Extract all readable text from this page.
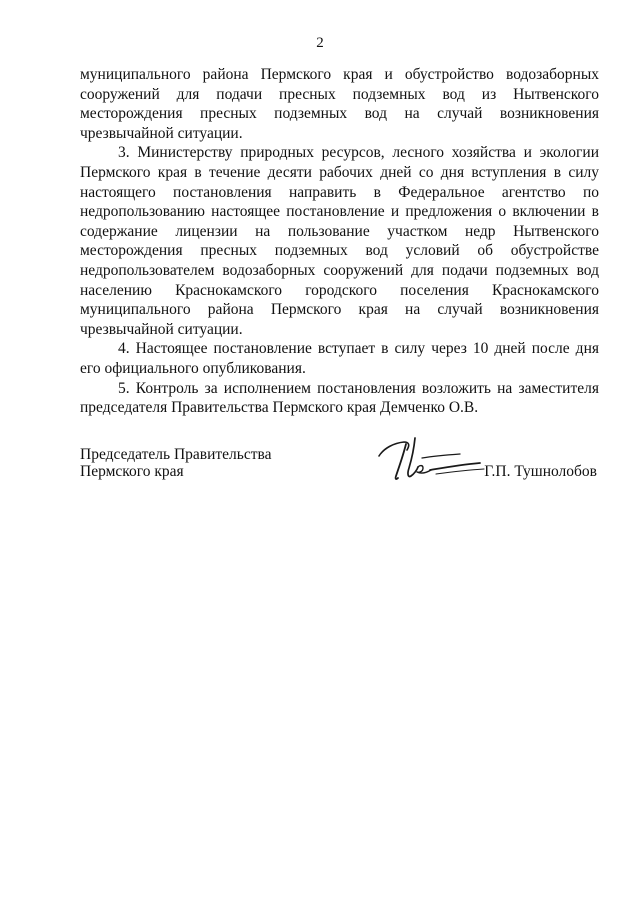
2

муниципального района Пермского края и обустройство водозаборных сооружений для подачи пресных подземных вод из Нытвенского месторождения пресных подземных вод на случай возникновения чрезвычайной ситуации.

3. Министерству природных ресурсов, лесного хозяйства и экологии Пермского края в течение десяти рабочих дней со дня вступления в силу настоящего постановления направить в Федеральное агентство по недропользованию настоящее постановление и предложения о включении в содержание лицензии на пользование участком недр Нытвенского месторождения пресных подземных вод условий об обустройстве недропользователем водозаборных сооружений для подачи подземных вод населению Краснокамского городского поселения Краснокамского муниципального района Пермского края на случай возникновения чрезвычайной ситуации.

4. Настоящее постановление вступает в силу через 10 дней после дня его официального опубликования.

5. Контроль за исполнением постановления возложить на заместителя председателя Правительства Пермского края Демченко О.В.

Председатель Правительства
Пермского края	Г.П. Тушнолобов
